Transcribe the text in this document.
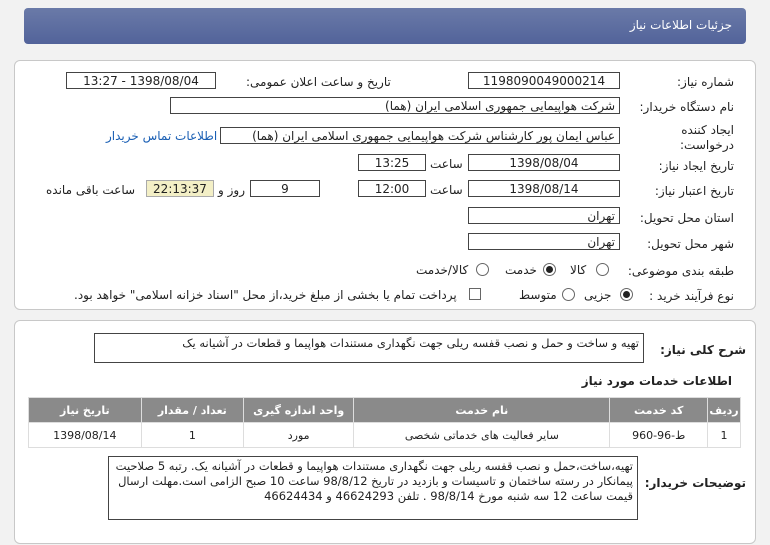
جزئیات اطلاعات نیاز
شماره نیاز:
1198090049000214
تاریخ و ساعت اعلان عمومی:
1398/08/04 - 13:27
نام دستگاه خریدار:
شرکت هواپیمایی جمهوری اسلامی ایران (هما)
ایجاد کننده
درخواست:
عباس ایمان پور کارشناس شرکت هواپیمایی جمهوری اسلامی ایران (هما)
اطلاعات تماس خریدار
تاریخ ایجاد نیاز:
1398/08/04
ساعت
13:25
تاریخ اعتبار نیاز:
1398/08/14
ساعت
12:00
9
روز و
22:13:37
ساعت باقی مانده
استان محل تحویل:
تهران
شهر محل تحویل:
تهران
طبقه بندی موضوعی:
کالا
خدمت
کالا/خدمت
نوع فرآیند خرید :
جزیی
متوسط
پرداخت تمام یا بخشی از مبلغ خرید،از محل "اسناد خزانه اسلامی" خواهد بود.
شرح کلی نیاز:
تهیه و ساخت و حمل و نصب قفسه ریلی جهت نگهداری مستندات هواپیما و قطعات در آشیانه یک
اطلاعات خدمات مورد نیاز
ردیف	کد خدمت	نام خدمت	واحد اندازه گیری	تعداد / مقدار	تاریخ نیاز
1	ط-96-960	سایر فعالیت های خدماتی شخصی	مورد	1	1398/08/14
توضیحات خریدار:
تهیه،ساخت،حمل و نصب قفسه ریلی جهت نگهداری مستندات هواپیما و قطعات در آشیانه یک. رتبه 5 صلاحیت پیمانکار در رسته ساختمان و تاسیسات و بازدید در تاریخ 98/8/12 ساعت 10 صبح الزامی است.مهلت ارسال قیمت ساعت 12 سه شنبه مورخ 98/8/14 . تلفن 46624293 و 46624434
